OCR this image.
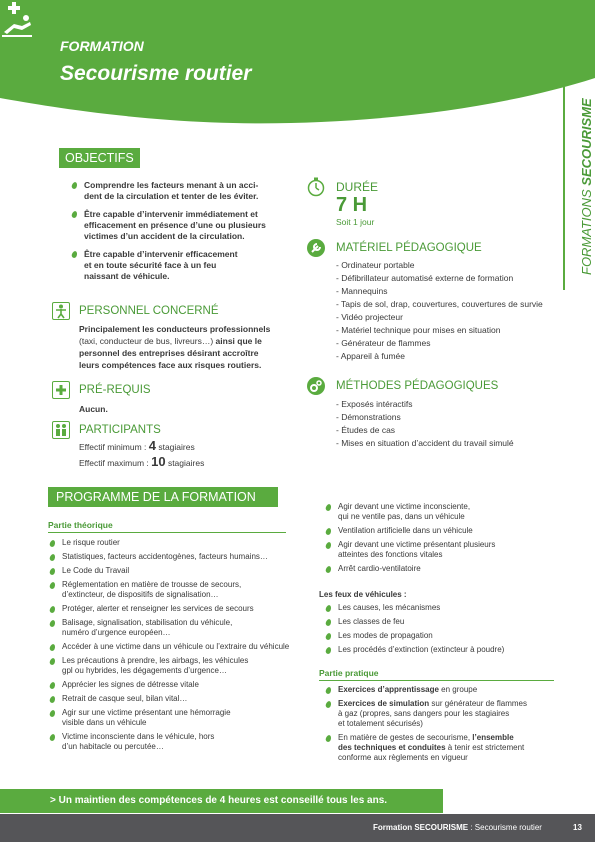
FORMATION
Secourisme routier
FORMATIONS SECOURISME
OBJECTIFS
Comprendre les facteurs menant à un acci-
dent de la circulation et tenter de les éviter.
Être capable d’intervenir immédiatement et
efficacement en présence d’une ou plusieurs
victimes d’un accident de la circulation.
Être capable d’intervenir efficacement
et en toute sécurité face à un feu
naissant de véhicule.
PERSONNEL CONCERNÉ
Principalement les conducteurs professionnels
(taxi, conducteur de bus, livreurs…) ainsi que le
personnel des entreprises désirant accroître
leurs compétences face aux risques routiers.
PRÉ-REQUIS
Aucun.
PARTICIPANTS
Effectif minimum : 4 stagiaires
Effectif maximum : 10 stagiaires
DURÉE
7 H
Soit 1 jour
MATÉRIEL PÉDAGOGIQUE
- Ordinateur portable
- Défibrillateur automatisé externe de formation
- Mannequins
- Tapis de sol, drap, couvertures, couvertures de survie
- Vidéo projecteur
- Matériel technique pour mises en situation
- Générateur de flammes
- Appareil à fumée
MÉTHODES PÉDAGOGIQUES
- Exposés intéractifs
- Démonstrations
- Études de cas
- Mises en situation d’accident du travail simulé
PROGRAMME DE LA FORMATION
Partie théorique
Le risque routier
Statistiques, facteurs accidentogènes, facteurs humains…
Le Code du Travail
Réglementation en matière de trousse de secours,
d’extincteur, de dispositifs de signalisation…
Protéger, alerter et renseigner les services de secours
Balisage, signalisation, stabilisation du véhicule,
numéro d’urgence européen…
Accéder à une victime dans un véhicule ou l’extraire du véhicule
Les précautions à prendre, les airbags, les véhicules
gpl ou hybrides, les dégagements d’urgence…
Apprécier les signes de détresse vitale
Retrait de casque seul, bilan vital…
Agir sur une victime présentant une hémorragie
visible dans un véhicule
Victime inconsciente dans le véhicule, hors
d’un habitacle ou percutée…
Agir devant une victime inconsciente,
qui ne ventile pas, dans un véhicule
Ventilation artificielle dans un véhicule
Agir devant une victime présentant plusieurs
atteintes des fonctions vitales
Arrêt cardio-ventilatoire
Les feux de véhicules :
Les causes, les mécanismes
Les classes de feu
Les modes de propagation
Les procédés d’extinction (extincteur à poudre)
Partie pratique
Exercices d’apprentissage en groupe
Exercices de simulation sur générateur de flammes
à gaz (propres, sans dangers pour les stagiaires
et totalement sécurisés)
En matière de gestes de secourisme, l’ensemble
des techniques et conduites à tenir est strictement
conforme aux règlements en vigueur
> Un maintien des compétences de 4 heures est conseillé tous les ans.
Formation SECOURISME : Secourisme routier	13
